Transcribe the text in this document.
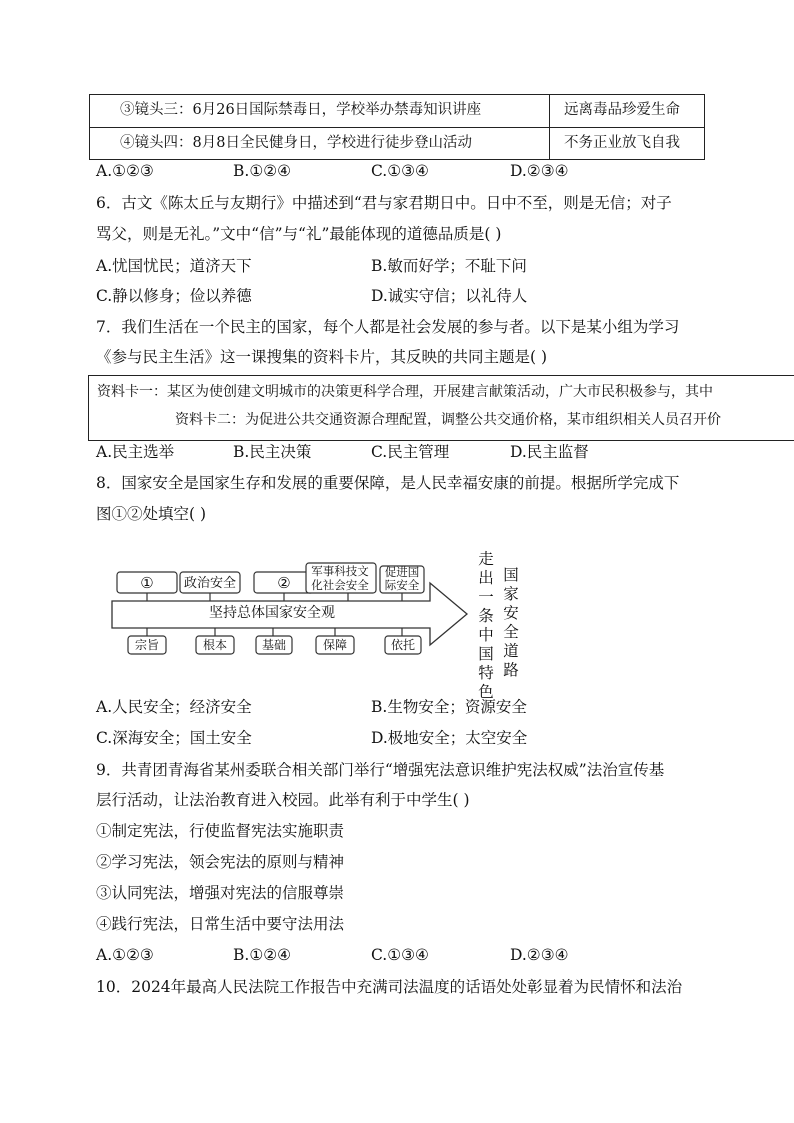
③镜头三：6月26日国际禁毒日，学校举办禁毒知识讲座	远离毒品珍爱生命
④镜头四：8月8日全民健身日，学校进行徒步登山活动	不务正业放飞自我
A.①②③	B.①②④	C.①③④	D.②③④
6．古文《陈太丘与友期行》中描述到“君与家君期日中。日中不至，则是无信；对子
骂父，则是无礼。”文中“信”与“礼”最能体现的道德品质是( )
A.忧国忧民；道济天下	B.敏而好学；不耻下问
C.静以修身；俭以养德	D.诚实守信；以礼待人
7．我们生活在一个民主的国家，每个人都是社会发展的参与者。以下是某小组为学习
《参与民主生活》这一课搜集的资料卡片，其反映的共同主题是( )
资料卡一：某区为使创建文明城市的决策更科学合理，开展建言献策活动，广大市民积极参与，其中
资料卡二：为促进公共交通资源合理配置，调整公共交通价格，某市组织相关人员召开价
A.民主选举	B.民主决策	C.民主管理	D.民主监督
8．国家安全是国家生存和发展的重要保障，是人民幸福安康的前提。根据所学完成下
图①②处填空( )
①	政治安全	②
军事科技文化社会安全
促进国际安全
坚持总体国家安全观
宗旨	根本	基础	保障	依托
走出一条中国特色
国家安全道路
A.人民安全；经济安全	B.生物安全；资源安全
C.深海安全；国土安全	D.极地安全；太空安全
9．共青团青海省某州委联合相关部门举行“增强宪法意识维护宪法权威”法治宣传基
层行活动，让法治教育进入校园。此举有利于中学生( )
①制定宪法，行使监督宪法实施职责
②学习宪法，领会宪法的原则与精神
③认同宪法，增强对宪法的信服尊崇
④践行宪法，日常生活中要守法用法
A.①②③	B.①②④	C.①③④	D.②③④
10．2024年最高人民法院工作报告中充满司法温度的话语处处彰显着为民情怀和法治
